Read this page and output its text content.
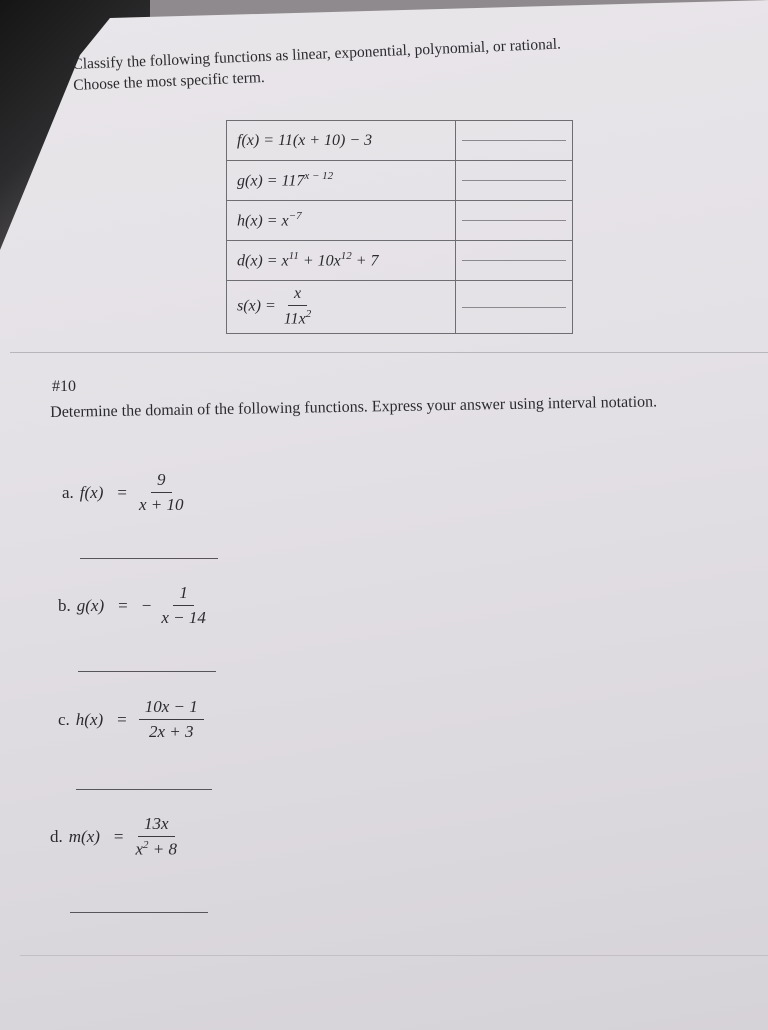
Classify the following functions as linear, exponential, polynomial, or rational.
Choose the most specific term.
f(x) = 11(x + 10) − 3	

$g(x) = 117^{x - 12}$	

$h(x) = x^{-7}$	

$d(x) = x^{11} + 10x^{12} + 7$	

$s(x) = \frac{x}{11x^2}$

#10
Determine the domain of the following functions. Express your answer using interval notation.
a. $f(x) = \frac{9}{x + 10}$
b. g(x) = − $\frac{1}{x - 14}$
c. $h(x) = \frac{10x - 1}{2x + 3}$
d. $m(x) = \frac{13x}{x^2 + 8}$
